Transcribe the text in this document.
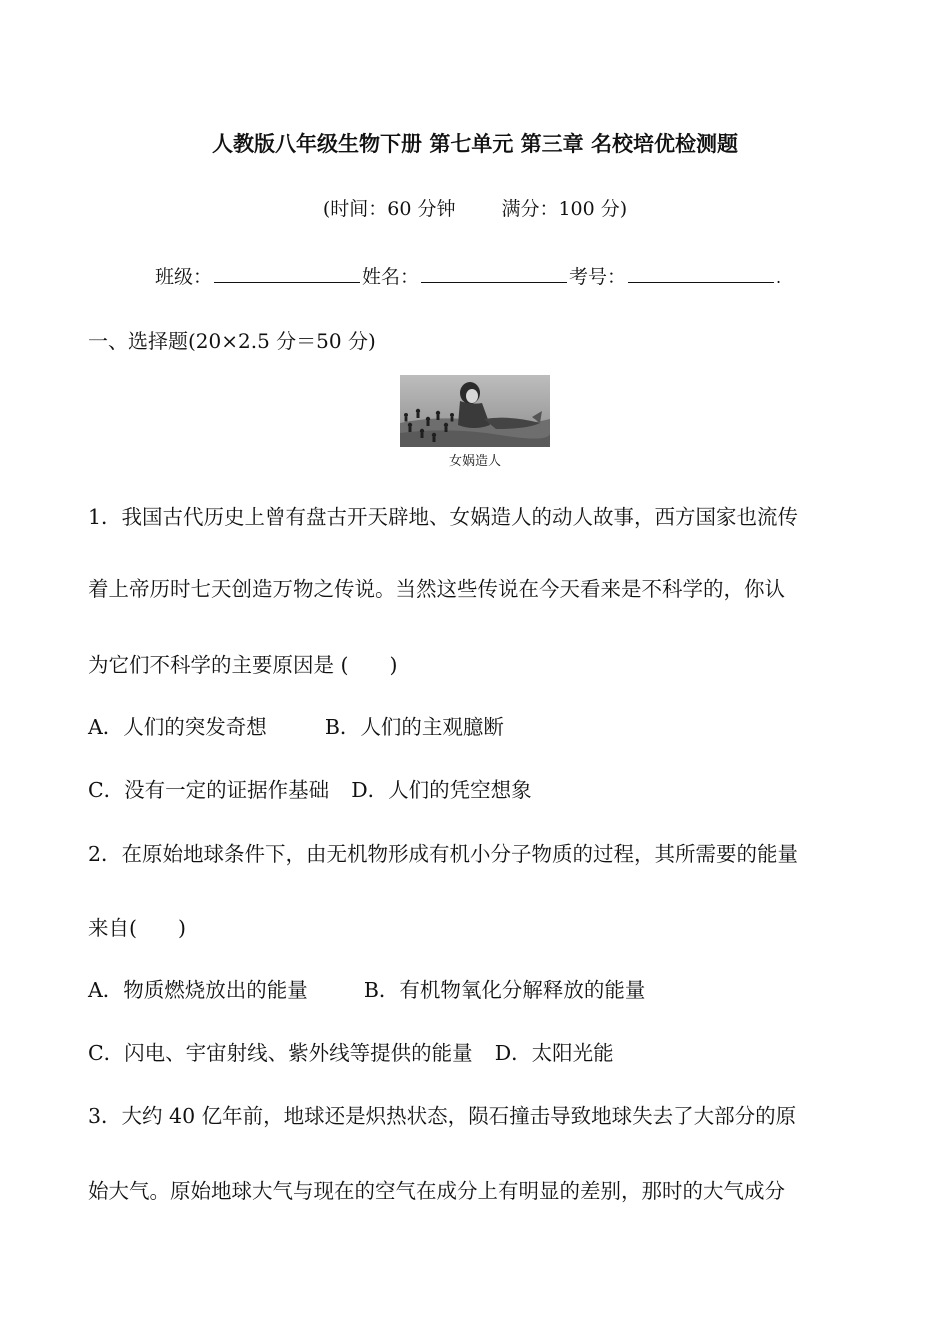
人教版八年级生物下册 第七单元 第三章 名校培优检测题
(时间：60 分钟 满分：100 分)
班级：	姓名：	考号：	.
一、选择题(20×2.5 分＝50 分)
女娲造人
1．我国古代历史上曾有盘古开天辟地、女娲造人的动人故事，西方国家也流传
着上帝历时七天创造万物之传说。当然这些传说在今天看来是不科学的，你认
为它们不科学的主要原因是 (　　)
A．人们的突发奇想	B．人们的主观臆断
C．没有一定的证据作基础 D．人们的凭空想象
2．在原始地球条件下，由无机物形成有机小分子物质的过程，其所需要的能量
来自(　　)
A．物质燃烧放出的能量	B．有机物氧化分解释放的能量
C．闪电、宇宙射线、紫外线等提供的能量 D．太阳光能
3．大约 40 亿年前，地球还是炽热状态，陨石撞击导致地球失去了大部分的原
始大气。原始地球大气与现在的空气在成分上有明显的差别，那时的大气成分
